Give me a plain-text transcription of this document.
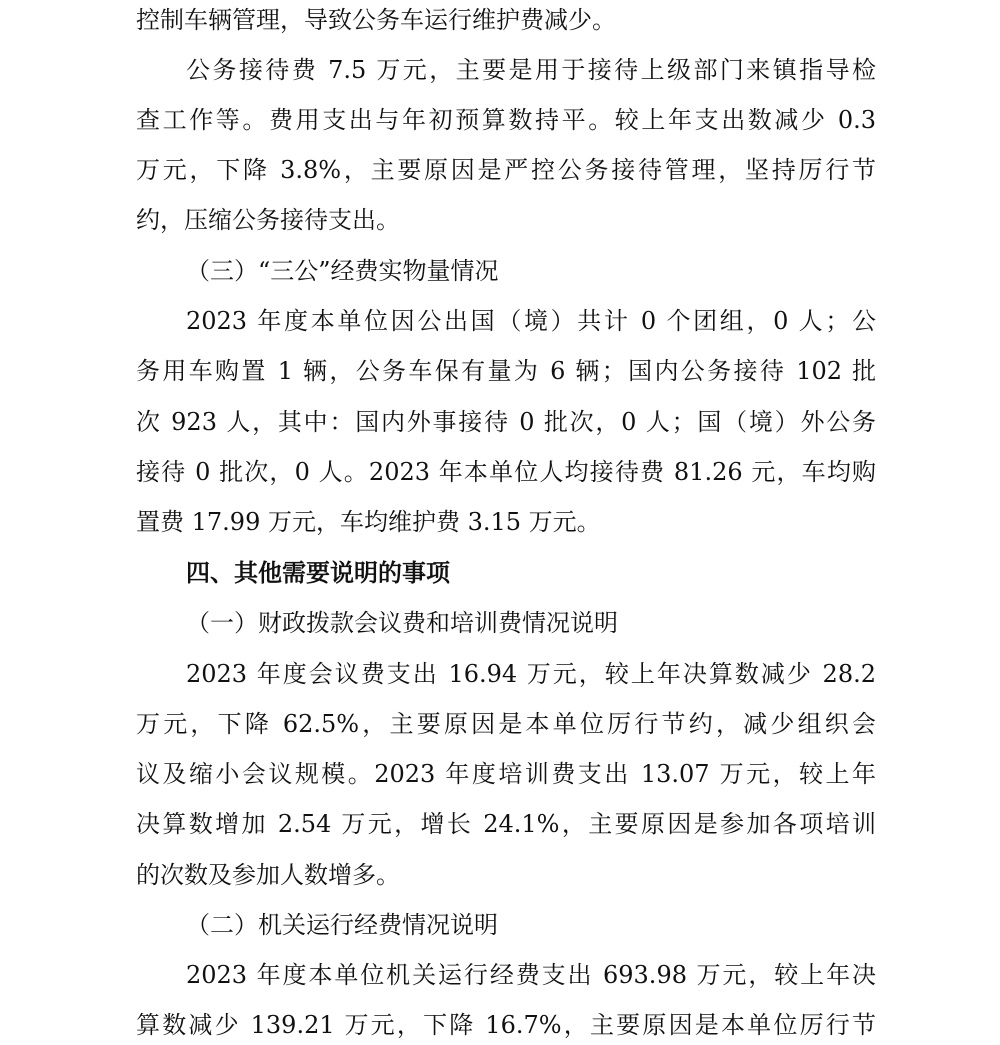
控制车辆管理，导致公务车运行维护费减少。
公务接待费 7.5 万元，主要是用于接待上级部门来镇指导检
查工作等。费用支出与年初预算数持平。较上年支出数减少 0.3
万元，下降 3.8%，主要原因是严控公务接待管理，坚持厉行节
约，压缩公务接待支出。
（三）“三公”经费实物量情况
2023 年度本单位因公出国（境）共计 0 个团组，0 人；公
务用车购置 1 辆，公务车保有量为 6 辆；国内公务接待 102 批
次 923 人，其中：国内外事接待 0 批次，0 人；国（境）外公务
接待 0 批次，0 人。2023 年本单位人均接待费 81.26 元，车均购
置费 17.99 万元，车均维护费 3.15 万元。
四、其他需要说明的事项
（一）财政拨款会议费和培训费情况说明
2023 年度会议费支出 16.94 万元，较上年决算数减少 28.2
万元，下降 62.5%，主要原因是本单位厉行节约，减少组织会
议及缩小会议规模。2023 年度培训费支出 13.07 万元，较上年
决算数增加 2.54 万元，增长 24.1%，主要原因是参加各项培训
的次数及参加人数增多。
（二）机关运行经费情况说明
2023 年度本单位机关运行经费支出 693.98 万元，较上年决
算数减少 139.21 万元，下降 16.7%，主要原因是本单位厉行节
